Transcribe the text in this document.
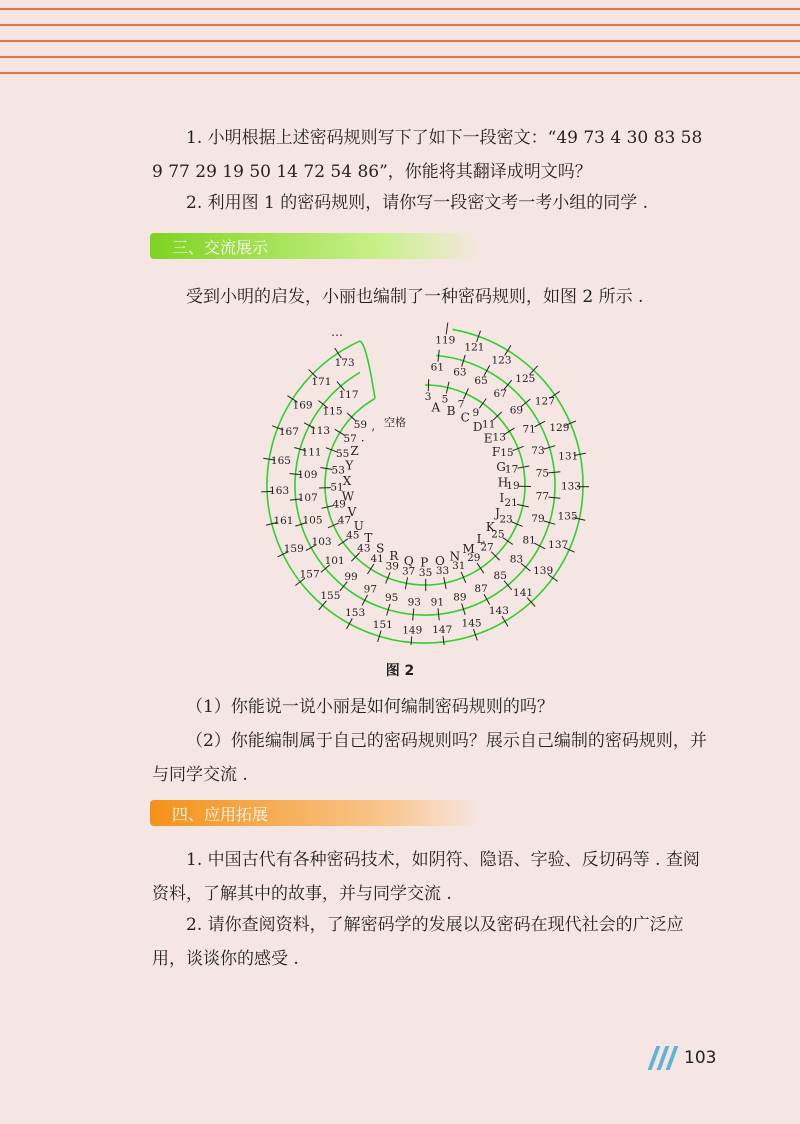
1. 小明根据上述密码规则写下了如下一段密文：“49 73 4 30 83 58 9 77 29 19 50 14 72 54 86”，你能将其翻译成明文吗？

2. 利用图 1 的密码规则，请你写一段密文考一考小组的同学 .

三、交流展示

受到小明的启发，小丽也编制了一种密码规则，如图 2 所示 .

A B C
D
E
F
G
H
I
J
K
L
M
N
O
P
Q
R
S
T
U
V
W
X
Y
Z
.
, 空格
3 5 7
9
11
13
15
17
19
21
23
25
27
29
31
33
35
37
39
41
43
45
47
49
51
53
55
57
59
61 63
65
67
69
71
73
75
77
79
81
83
85
87
89
91
93
95
97
99
101
103
105
107
109
111
113
115
117
119
121
123
125
127
129
131
133
135
137
139
141
143
145
147
149
151
153
155
157
159
161
163
165
167
169
171
173
…
图 2

（1）你能说一说小丽是如何编制密码规则的吗？

（2）你能编制属于自己的密码规则吗？展示自己编制的密码规则，并与同学交流 .

四、应用拓展

1. 中国古代有各种密码技术，如阴符、隐语、字验、反切码等 . 查阅资料，了解其中的故事，并与同学交流 .

2. 请你查阅资料，了解密码学的发展以及密码在现代社会的广泛应用，谈谈你的感受 .

103
